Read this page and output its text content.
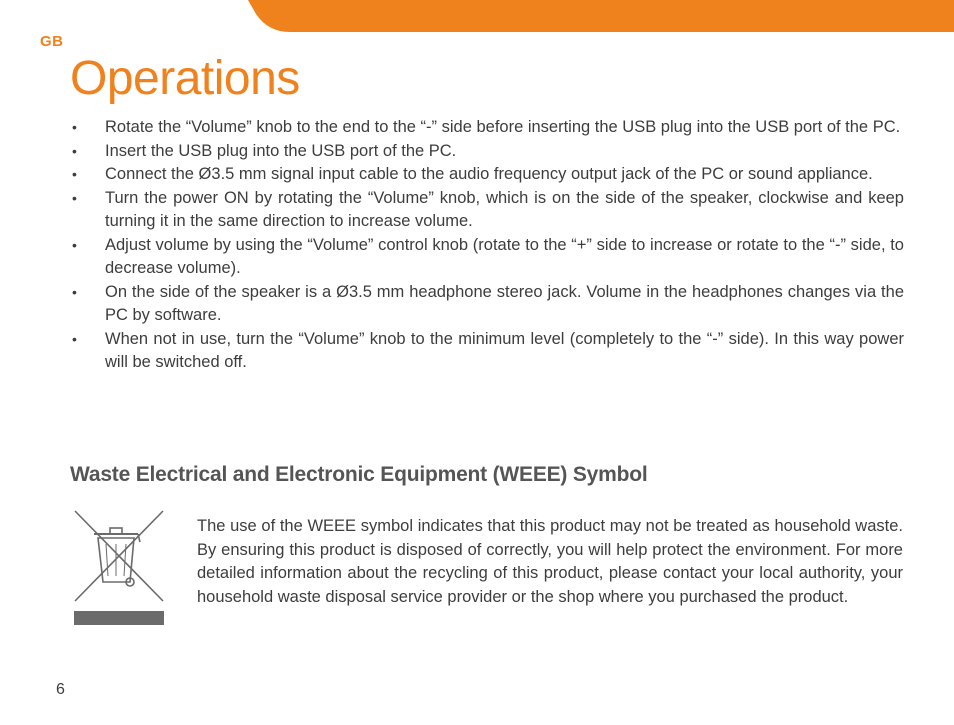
GB
Operations
• Rotate the “Volume” knob to the end to the “-” side before inserting the USB plug into the USB port of the PC.
• Insert the USB plug into the USB port of the PC.
• Connect the Ø3.5 mm signal input cable to the audio frequency output jack of the PC or sound appliance.
• Turn the power ON by rotating the “Volume” knob, which is on the side of the speaker, clockwise and keep turning it in the same direction to increase volume.
• Adjust volume by using the “Volume” control knob (rotate to the “+” side to increase or rotate to the “-” side, to decrease volume).
• On the side of the speaker is a Ø3.5 mm headphone stereo jack. Volume in the headphones changes via the PC by software.
• When not in use, turn the “Volume” knob to the minimum level (completely to the “-” side). In this way power will be switched off.
Waste Electrical and Electronic Equipment (WEEE) Symbol

The use of the WEEE symbol indicates that this product may not be treated as household waste. By ensuring this product is disposed of correctly, you will help protect the environment. For more detailed information about the recycling of this product, please contact your local authority, your household waste disposal service provider or the shop where you purchased the product.

6
